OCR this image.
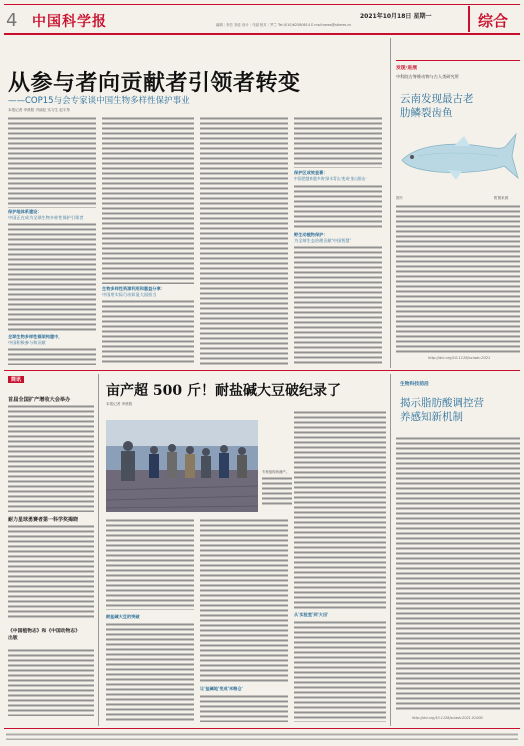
4 中国科学报	2021年10月18日 星期一
编辑｜李芸 刘佳 设计｜马丽 校对｜罗兰 Tel:(010)62580614 E-mail:news@stimes.cn	综合
从参与者向贡献者引领者转变
——COP15与会专家谈中国生物多样性保护事业
本报记者 李晨阳 冯丽妃 实习生 赵宇彤
保护地体系建设：
中国正在成为全球生物多样性保护引领者
全球生物多样性框架构建中，
中国积极参与和贡献
生物多样性资源利用和惠益分享：
中国用实际行动彰显大国担当
保护区成效显著：
中国把越来越多的'绿水青山'变成'金山银山'
野生动植物保护：
为全球生态治理贡献'中国智慧'
发现·进展
中科院古脊椎动物与古人类研究所
云南发现最古老肋鳞裂齿鱼
图片	附图来源
http://doi.org/10.1126/sciadv.2021
简讯
首届全国扩产增收大会举办
耐力星球勇赛者第一科学奖揭晓
《中国植物志》和《中国动物志》出版
亩产超 500 斤！耐盐碱大豆破纪录了
本报记者 李晨阳
专家组现场测产。
耐盐碱大豆的突破
让'盐碱地'变成'米粮仓'
从'实验室'到'大田'
生物科技前沿
揭示脂肪酸调控营养感知新机制
http://doi.org/10.1126/sciadv.2021.01000
